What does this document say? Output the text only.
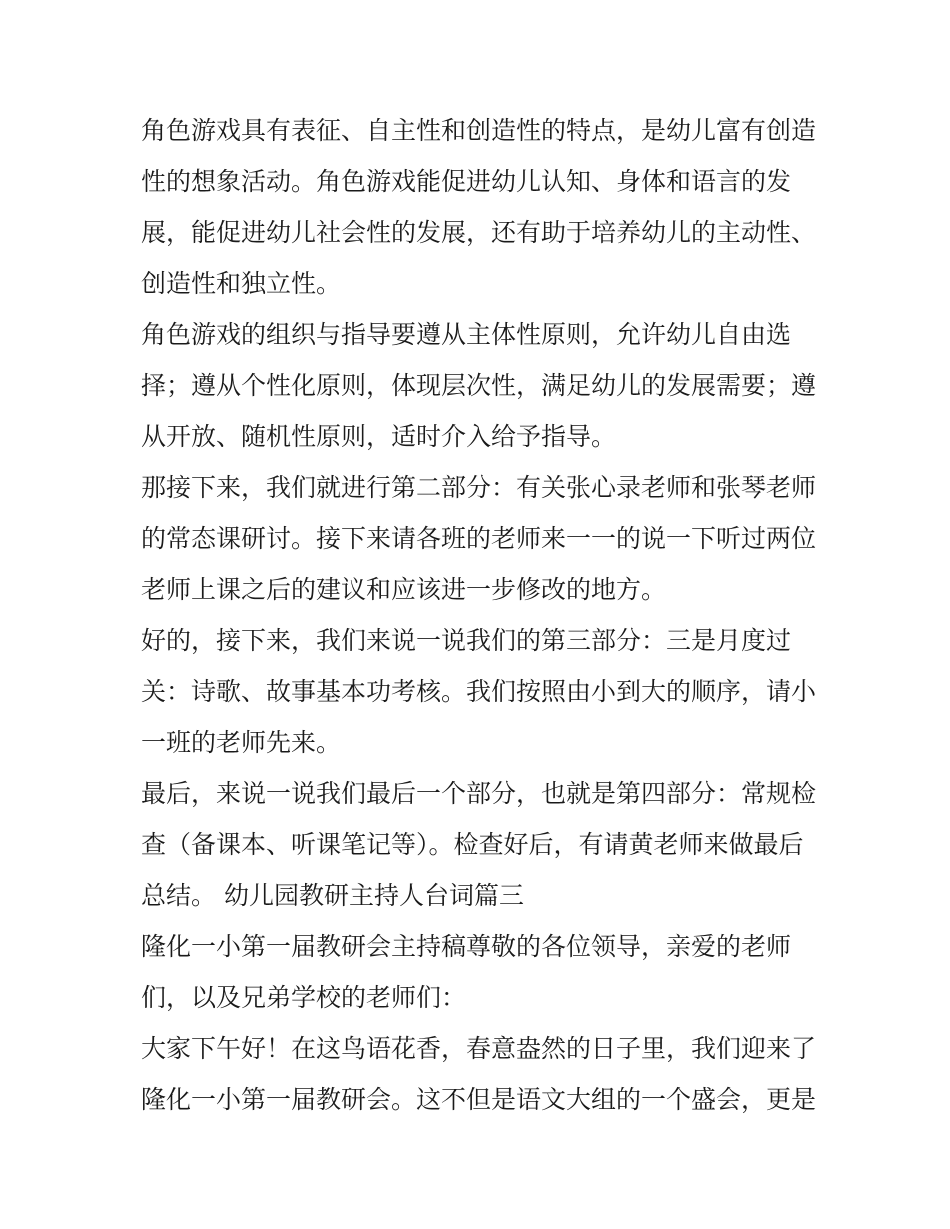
角色游戏具有表征、自主性和创造性的特点，是幼儿富有创造
性的想象活动。角色游戏能促进幼儿认知、身体和语言的发
展，能促进幼儿社会性的发展，还有助于培养幼儿的主动性、
创造性和独立性。
角色游戏的组织与指导要遵从主体性原则，允许幼儿自由选
择；遵从个性化原则，体现层次性，满足幼儿的发展需要；遵
从开放、随机性原则，适时介入给予指导。
那接下来，我们就进行第二部分：有关张心录老师和张琴老师
的常态课研讨。接下来请各班的老师来一一的说一下听过两位
老师上课之后的建议和应该进一步修改的地方。
好的，接下来，我们来说一说我们的第三部分：三是月度过
关：诗歌、故事基本功考核。我们按照由小到大的顺序，请小
一班的老师先来。
最后，来说一说我们最后一个部分，也就是第四部分：常规检
查（备课本、听课笔记等）。检查好后，有请黄老师来做最后
总结。 幼儿园教研主持人台词篇三
隆化一小第一届教研会主持稿尊敬的各位领导，亲爱的老师
们，以及兄弟学校的老师们：
大家下午好！在这鸟语花香，春意盎然的日子里，我们迎来了
隆化一小第一届教研会。这不但是语文大组的一个盛会，更是
